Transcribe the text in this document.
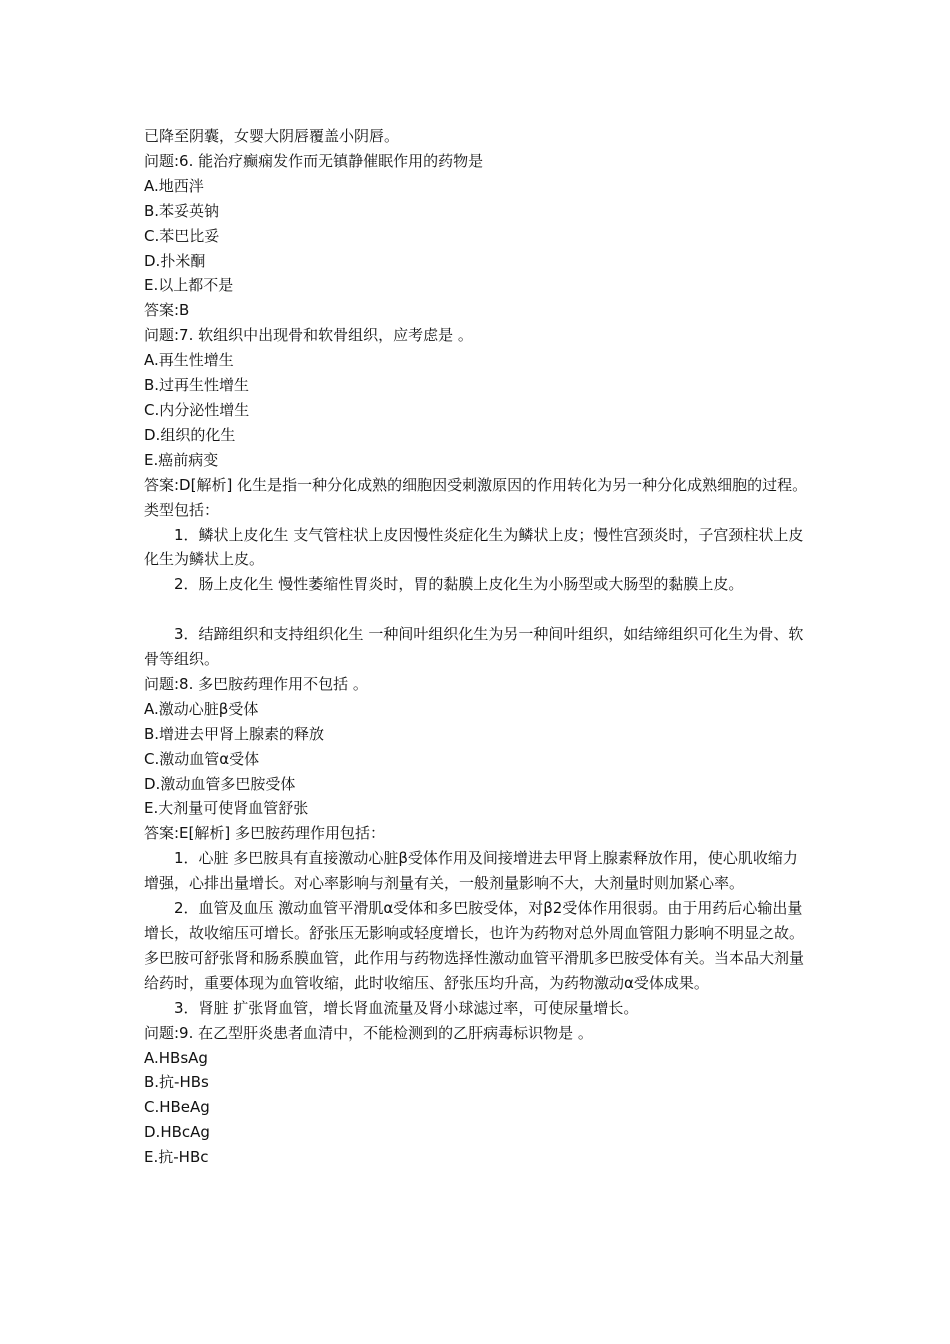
已降至阴囊，女婴大阴唇覆盖小阴唇。

问题:6. 能治疗癫痫发作而无镇静催眠作用的药物是

A.地西泮

B.苯妥英钠

C.苯巴比妥

D.扑米酮

E.以上都不是

答案:B

问题:7. 软组织中出现骨和软骨组织，应考虑是 。

A.再生性增生

B.过再生性增生

C.内分泌性增生

D.组织的化生

E.癌前病变

答案:D[解析] 化生是指一种分化成熟的细胞因受刺激原因的作用转化为另一种分化成熟细胞的过程。类型包括：

1．鳞状上皮化生 支气管柱状上皮因慢性炎症化生为鳞状上皮；慢性宫颈炎时，子宫颈柱状上皮化生为鳞状上皮。

2．肠上皮化生 慢性萎缩性胃炎时，胃的黏膜上皮化生为小肠型或大肠型的黏膜上皮。

3．结蹄组织和支持组织化生 一种间叶组织化生为另一种间叶组织，如结缔组织可化生为骨、软骨等组织。

问题:8. 多巴胺药理作用不包括 。

A.激动心脏β受体

B.增进去甲肾上腺素的释放

C.激动血管α受体

D.激动血管多巴胺受体

E.大剂量可使肾血管舒张

答案:E[解析] 多巴胺药理作用包括：

1．心脏 多巴胺具有直接激动心脏β受体作用及间接增进去甲肾上腺素释放作用，使心肌收缩力增强，心排出量增长。对心率影响与剂量有关，一般剂量影响不大，大剂量时则加紧心率。

2．血管及血压 激动血管平滑肌α受体和多巴胺受体，对β2受体作用很弱。由于用药后心输出量增长，故收缩压可增长。舒张压无影响或轻度增长，也许为药物对总外周血管阻力影响不明显之故。多巴胺可舒张肾和肠系膜血管，此作用与药物选择性激动血管平滑肌多巴胺受体有关。当本品大剂量给药时，重要体现为血管收缩，此时收缩压、舒张压均升高，为药物激动α受体成果。

3．肾脏 扩张肾血管，增长肾血流量及肾小球滤过率，可使尿量增长。

问题:9. 在乙型肝炎患者血清中，不能检测到的乙肝病毒标识物是 。

A.HBsAg

B.抗-HBs

C.HBeAg

D.HBcAg

E.抗-HBc
